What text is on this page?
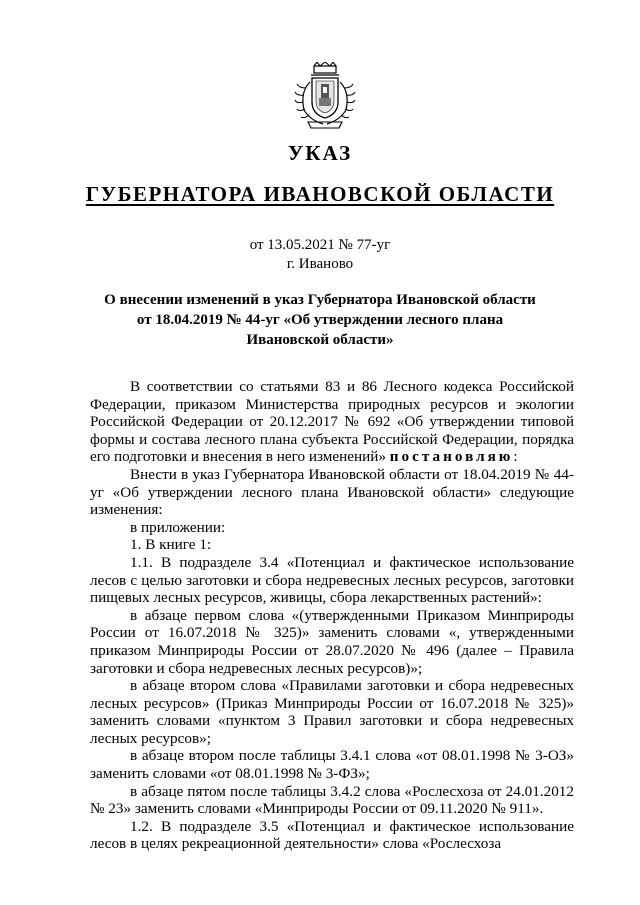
УКАЗ
ГУБЕРНАТОРА ИВАНОВСКОЙ ОБЛАСТИ
от 13.05.2021 № 77-уг
г. Иваново
О внесении изменений в указ Губернатора Ивановской области
от 18.04.2019 № 44-уг «Об утверждении лесного плана
Ивановской области»

В соответствии со статьями 83 и 86 Лесного кодекса Российской Федерации, приказом Министерства природных ресурсов и экологии Российской Федерации от 20.12.2017 № 692 «Об утверждении типовой формы и состава лесного плана субъекта Российской Федерации, порядка его подготовки и внесения в него изменений» постановляю:

Внести в указ Губернатора Ивановской области от 18.04.2019 № 44-уг «Об утверждении лесного плана Ивановской области» следующие изменения:

в приложении:

1. В книге 1:

1.1. В подразделе 3.4 «Потенциал и фактическое использование лесов с целью заготовки и сбора недревесных лесных ресурсов, заготовки пищевых лесных ресурсов, живицы, сбора лекарственных растений»:

в абзаце первом слова «(утвержденными Приказом Минприроды России от 16.07.2018 № 325)» заменить словами «, утвержденными приказом Минприроды России от 28.07.2020 № 496 (далее – Правила заготовки и сбора недревесных лесных ресурсов)»;

в абзаце втором слова «Правилами заготовки и сбора недревесных лесных ресурсов» (Приказ Минприроды России от 16.07.2018 № 325)» заменить словами «пунктом 3 Правил заготовки и сбора недревесных лесных ресурсов»;

в абзаце втором после таблицы 3.4.1 слова «от 08.01.1998 № 3-ОЗ» заменить словами «от 08.01.1998 № 3-ФЗ»;

в абзаце пятом после таблицы 3.4.2 слова «Рослесхоза от 24.01.2012 № 23» заменить словами «Минприроды России от 09.11.2020 № 911».

1.2. В подразделе 3.5 «Потенциал и фактическое использование лесов в целях рекреационной деятельности» слова «Рослесхоза
